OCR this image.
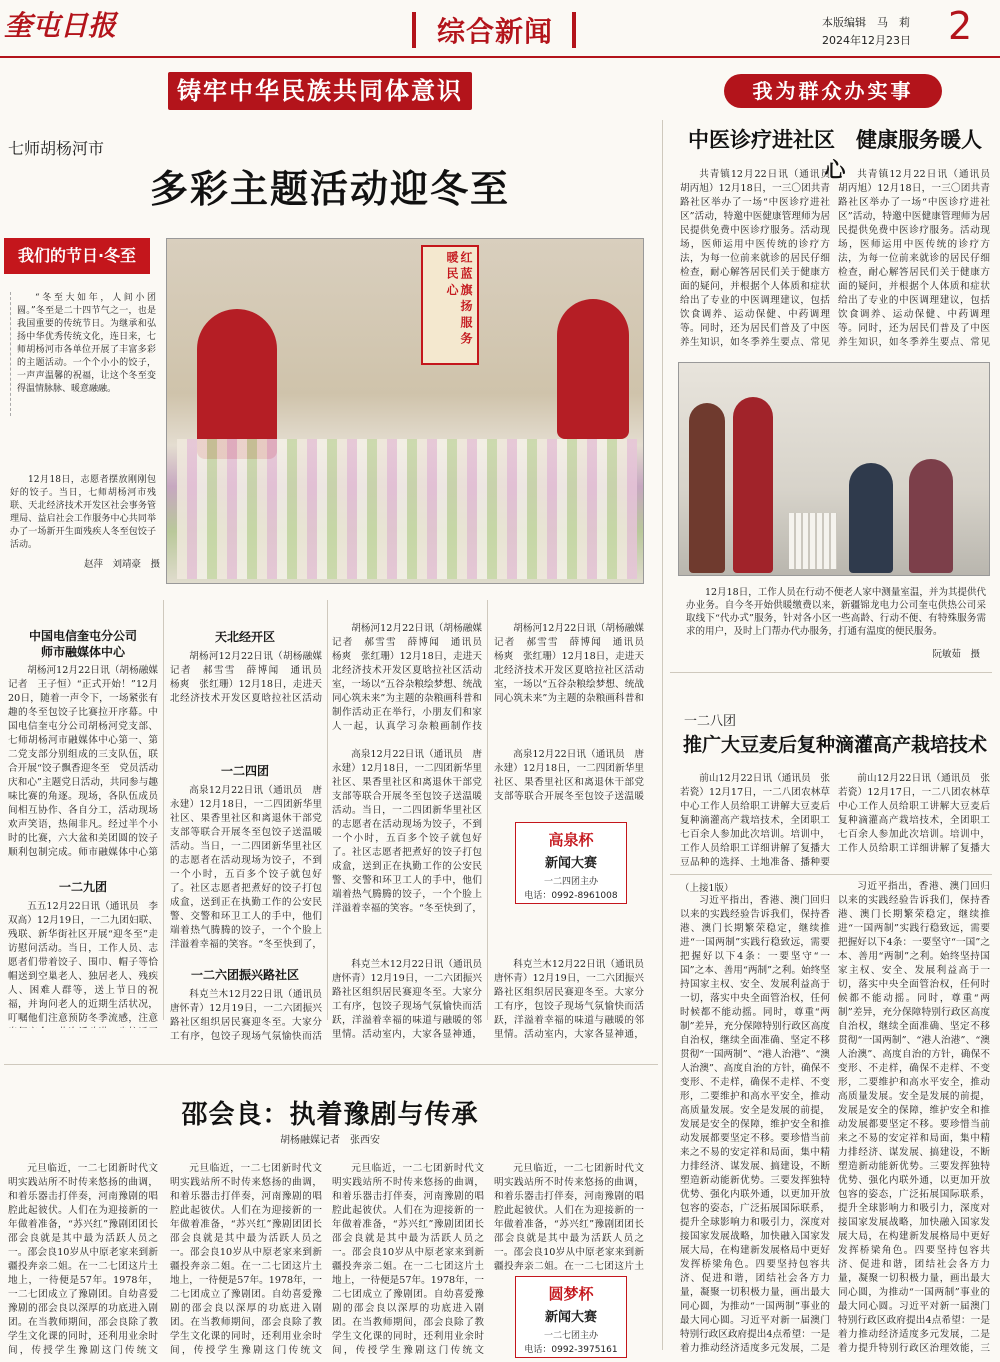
奎屯日报	综合新闻	本版编辑　马　莉
2024年12月23日 2
铸牢中华民族共同体意识	我为群众办实事
七师胡杨河市
多彩主题活动迎冬至
我们的节日·冬至
“冬至大如年，人间小团圆。”冬至是二十四节气之一，也是我国重要的传统节日。为继承和弘扬中华优秀传统文化，连日来，七师胡杨河市各单位开展了丰富多彩的主题活动。一个个小小的饺子，一声声温馨的祝福，让这个冬至变得温情脉脉、暖意融融。
12月18日，志愿者摆放刚刚包好的饺子。当日，七师胡杨河市残联、天北经济技术开发区社会事务管理局、益启社会工作服务中心共同举办了一场新开生面残疾人冬至包饺子活动。
赵萍　刘靖豪　摄
红 蓝 旗 扬 服 务 暖 民 心
中国电信奎屯分公司
师市融媒体中心
胡杨河12月22日讯（胡杨融媒记者　王子恒）“正式开始！”12月20日，随着一声令下，一场紧张有趣的冬至包饺子比赛拉开序幕。中国电信奎屯分公司胡杨河党支部、七师胡杨河市融媒体中心第一、第二党支部分别组成的三支队伍，联合开展“饺子飘香迎冬至　党员活动庆和心”主题党日活动，共同参与趣味比赛的角逐。现场，各队伍成员间相互协作、各自分工，活动现场欢声笑语，热闹非凡。经过半个小时的比赛，六大盆和美团圆的饺子顺利包制完成。师市融媒体中心第
一二九团
五五12月22日讯（通讯员　李双高）12月19日，一二九团妇联、残联、新华街社区开展“迎冬至”走访慰问活动。当日，工作人员、志愿者们带着饺子、围巾、帽子等恰帽送到空巢老人、独居老人、残疾人、困难人群等，送上节日的祝福，并询问老人的近期生活状况，叮嘱他们注意预防冬季流感，注意
天北经开区
胡杨河12月22日讯（胡杨融媒记者　郝雪雪　薛博闻　通讯员　杨爽　张红珊）12月18日，走进天北经济技术开发区夏晗拉社区活动
胡杨河12月22日讯（胡杨融媒记者　郝雪雪　薛博闻　通讯员　杨爽　张红珊）12月18日，走进天北经济技术开发区夏晗拉社区活动室，一场以“五谷杂粮绘梦想、统战同心筑未来”为主题的杂粮画科普和制作活动正在举行，小朋友们和家人一起，认真学习杂粮画制作技
胡杨河12月22日讯（胡杨融媒记者　郝雪雪　薛博闻　通讯员　杨爽　张红珊）12月18日，走进天北经济技术开发区夏晗拉社区活动室，一场以“五谷杂粮绘梦想、统战同心筑未来”为主题的杂粮画科普和
一二四团
高泉12月22日讯（通讯员　唐永建）12月18日，一二四团新华里社区、果香里社区和离退休干部党支部等联合开展冬至包饺子送温暖活动。当日，一二四团新华里社区的志愿者在活动现场为饺子，不到一个小时，五百多个饺子就包好了。社区志愿者把煮好的饺子打包成盒，送到正在执勤工作的公安民警、交警和环卫工人的手中，他们端着热气腾腾的饺子，一个个脸上洋溢着幸福的笑容。“冬至快到了，
高泉12月22日讯（通讯员　唐永建）12月18日，一二四团新华里社区、果香里社区和离退休干部党支部等联合开展冬至包饺子送温暖活动。当日，一二四团新华里社区的志愿者在活动现场为饺子，不到一个小时，五百多个饺子就包好了。社区志愿者把煮好的饺子打包成盒，送到正在执勤工作的公安民警、交警和环卫工人的手中，他们端着热气腾腾的饺子，一个个脸上洋溢着幸福的笑容。“冬至快到了，
高泉12月22日讯（通讯员　唐永建）12月18日，一二四团新华里社区、果香里社区和离退休干部党支部等联合开展冬至包饺子送温暖
一二六团振兴路社区
科克兰木12月22日讯（通讯员　唐怀青）12月19日，一二六团振兴路社区组织居民赛迎冬至。大家分工有序，包饺子现场气氛愉快而活
科克兰木12月22日讯（通讯员　唐怀青）12月19日，一二六团振兴路社区组织居民赛迎冬至。大家分工有序，包饺子现场气氛愉快而活跃，洋溢着幸福的味道与融暖的邻里情。活动室内，大家各显神通，
科克兰木12月22日讯（通讯员　唐怀青）12月19日，一二六团振兴路社区组织居民赛迎冬至。大家分工有序，包饺子现场气氛愉快而活跃，洋溢着幸福的味道与融暖的邻里情。活动室内，大家各显神通，
高泉杯
新闻大赛
一二四团主办
电话：0992-8961008
邵会良：执着豫剧与传承
胡杨融媒记者　张西安
元旦临近，一二七团新时代文明实践站所不时传来悠扬的曲调，和着乐器击打伴奏，河南豫剧的唱腔此起彼伏。人们在为迎接新的一年做着准备，“苏兴红”豫剧团团长邵会良就是其中最为活跃人员之一。邵会良10岁从中原老家来到新疆投奔亲二姐。在一二七团这片土地上，一待便是57年。1978年，一二七团成立了豫剧团。自幼喜爱豫剧的邵会良以深厚的功底进入剧团。在当教师期间，邵会良除了教学生文化课的同时，还利用业余时间，传授学生豫剧这门传统文
元旦临近，一二七团新时代文明实践站所不时传来悠扬的曲调，和着乐器击打伴奏，河南豫剧的唱腔此起彼伏。人们在为迎接新的一年做着准备，“苏兴红”豫剧团团长邵会良就是其中最为活跃人员之一。邵会良10岁从中原老家来到新疆投奔亲二姐。在一二七团这片土地上，一待便是57年。1978年，一二七团成立了豫剧团。自幼喜爱豫剧的邵会良以深厚的功底进入剧团。在当教师期间，邵会良除了教学生文化课的同时，还利用业余时间，传授学生豫剧这门传统文
元旦临近，一二七团新时代文明实践站所不时传来悠扬的曲调，和着乐器击打伴奏，河南豫剧的唱腔此起彼伏。人们在为迎接新的一年做着准备，“苏兴红”豫剧团团长邵会良就是其中最为活跃人员之一。邵会良10岁从中原老家来到新疆投奔亲二姐。在一二七团这片土地上，一待便是57年。1978年，一二七团成立了豫剧团。自幼喜爱豫剧的邵会良以深厚的功底进入剧团。在当教师期间，邵会良除了教学生文化课的同时，还利用业余时间，传授学生豫剧这门传统文
元旦临近，一二七团新时代文明实践站所不时传来悠扬的曲调，和着乐器击打伴奏，河南豫剧的唱腔此起彼伏。人们在为迎接新的一年做着准备，“苏兴红”豫剧团团长邵会良就是其中最为活跃人员之一。邵会良10岁从中原老家来到新疆投奔亲二姐。在一二七团这片土
圆梦杯
新闻大赛
一二七团主办
电话：0992-3975161
中医诊疗进社区　健康服务暖人心
共青镇12月22日讯（通讯员　胡丙旭）12月18日，一三〇团共青路社区举办了一场“中医诊疗进社区”活动，特邀中医健康管理师为居民提供免费中医诊疗服务。活动现场，医师运用中医传统的诊疗方法，为每一位前来就诊的居民仔细检查，耐心解答居民们关于健康方面的疑问，并根据个人体质和症状给出了专业的中医调理建议，包括饮食调养、运动保健、中药调理等。同时，还为居民们普及了中医养生知识，如冬季养生要点、常见
共青镇12月22日讯（通讯员　胡丙旭）12月18日，一三〇团共青路社区举办了一场“中医诊疗进社区”活动，特邀中医健康管理师为居民提供免费中医诊疗服务。活动现场，医师运用中医传统的诊疗方法，为每一位前来就诊的居民仔细检查，耐心解答居民们关于健康方面的疑问，并根据个人体质和症状给出了专业的中医调理建议，包括饮食调养、运动保健、中药调理等。同时，还为居民们普及了中医养生知识，如冬季养生要点、常见
12月18日，工作人员在行动不便老人家中测量室温，并为其提供代办业务。自今冬开始供暖缴费以来，新疆锦龙电力公司奎屯供热公司采取线下“代办式”服务，针对各小区一些高龄、行动不便、有特殊服务需求的用户，及时上门帮办代办服务，打通有温度的便民服务。
阮敏茹　摄
一二八团
推广大豆麦后复种滴灌高产栽培技术
前山12月22日讯（通讯员　张若瓷）12月17日，一二八团农林草中心工作人员给职工讲解大豆麦后复种滴灌高产栽培技术，全团职工七百余人参加此次培训。培训中，工作人员给职工详细讲解了复播大豆品种的选择、土地准备、播种要
前山12月22日讯（通讯员　张若瓷）12月17日，一二八团农林草中心工作人员给职工讲解大豆麦后复种滴灌高产栽培技术，全团职工七百余人参加此次培训。培训中，工作人员给职工详细讲解了复播大
（上接1版）
习近平指出，香港、澳门回归以来的实践经验告诉我们，保持香港、澳门长期繁荣稳定，继续推进“一国两制”实践行稳致远，需要把握好以下4条：一要坚守“一国”之本、善用“两制”之利。始终坚持国家主权、安全、发展利益高于一切，落实中央全面管治权，任何时候都不能动摇。同时，尊重“两制”差异，充分保障特别行政区高度自治权，继续全面准确、坚定不移贯彻“一国两制”、“港人治港”、“澳人治澳”、高度自治的方针，确保不变形、不走样，确保不走样、不变形，二要维护和高水平安全，推动高质量发展。安全是发展的前提，发展是安全的保障，维护安全和推动发展都要坚定不移。要珍惜当前来之不易的安定祥和局面，集中精力排经济、谋发展、搞建设，不断塑造新动能新优势。三要发挥独特优势、强化内联外通，以更加开放包容的姿态，广泛拓展国际联系，提升全球影响力和吸引力，深度对接国家发展战略，加快融入国家发展大局，在构建新发展格局中更好发挥桥梁角色。四要坚持包容共济、促进和谐，团结社会各方力量，凝聚一切积极力量，画出最大同心圆，为推动“一国两制”事业的最大同心圆。习近平对新一届澳门特别行政区政府提出4点希望：一是着力推动经济适度多元发展，二是
习近平指出，香港、澳门回归以来的实践经验告诉我们，保持香港、澳门长期繁荣稳定，继续推进“一国两制”实践行稳致远，需要把握好以下4条：一要坚守“一国”之本、善用“两制”之利。始终坚持国家主权、安全、发展利益高于一切，落实中央全面管治权，任何时候都不能动摇。同时，尊重“两制”差异，充分保障特别行政区高度自治权，继续全面准确、坚定不移贯彻“一国两制”、“港人治港”、“澳人治澳”、高度自治的方针，确保不变形、不走样，确保不走样、不变形，二要维护和高水平安全，推动高质量发展。安全是发展的前提，发展是安全的保障，维护安全和推动发展都要坚定不移。要珍惜当前来之不易的安定祥和局面，集中精力排经济、谋发展、搞建设，不断塑造新动能新优势。三要发挥独特优势、强化内联外通，以更加开放包容的姿态，广泛拓展国际联系，提升全球影响力和吸引力，深度对接国家发展战略，加快融入国家发展大局，在构建新发展格局中更好发挥桥梁角色。四要坚持包容共济、促进和谐，团结社会各方力量，凝聚一切积极力量，画出最大同心圆，为推动“一国两制”事业的最大同心圆。习近平对新一届澳门特别行政区政府提出4点希望：一是着力推动经济适度多元发展，二是着力提升特别行政区治理效能，三
